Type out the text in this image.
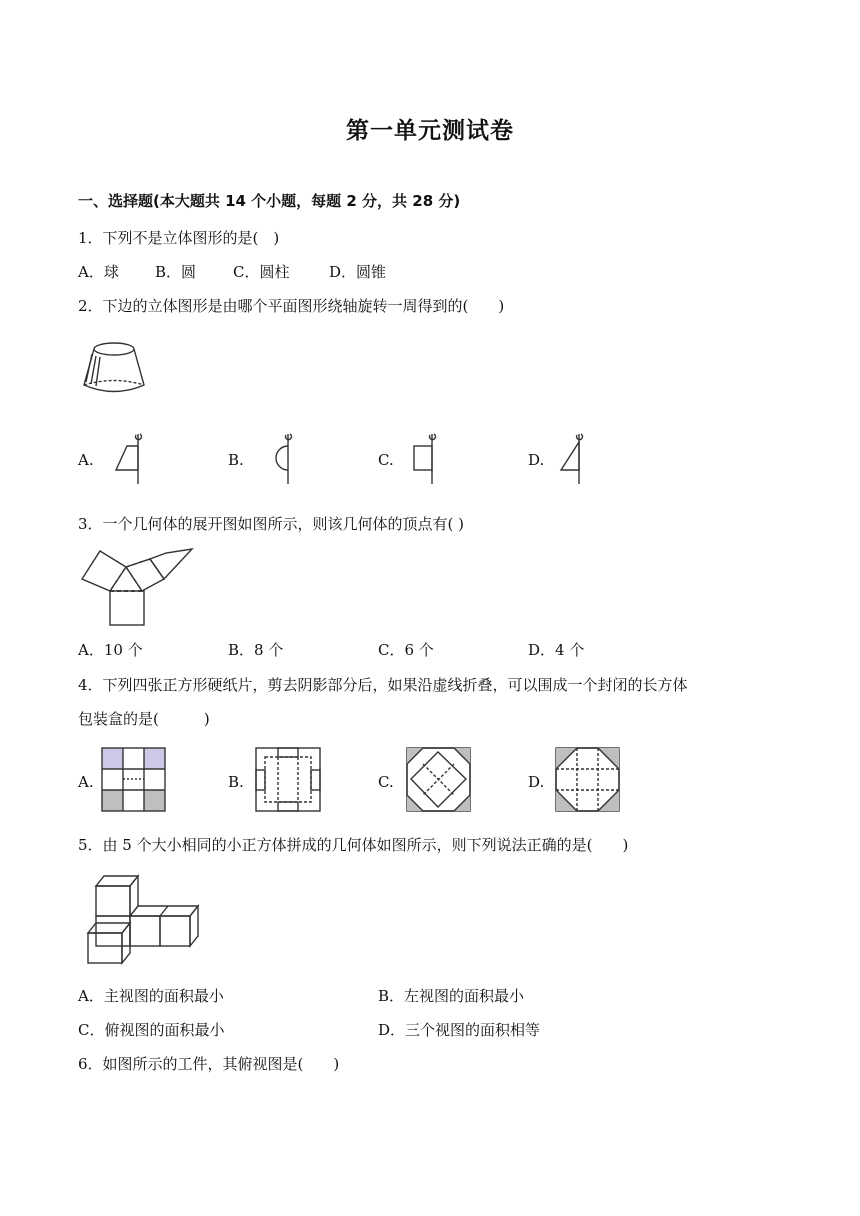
第一单元测试卷
一、选择题(本大题共 14 个小题，每题 2 分，共 28 分)
1．下列不是立体图形的是(　)
A．球 B．圆 C．圆柱	D．圆锥
2．下边的立体图形是由哪个平面图形绕轴旋转一周得到的(　　)
A.	B.	C.	D.
3．一个几何体的展开图如图所示，则该几何体的顶点有( )
A．10 个	B．8 个	C．6 个	D．4 个
4．下列四张正方形硬纸片，剪去阴影部分后，如果沿虚线折叠，可以围成一个封闭的长方体
包装盒的是(　　　)
A.	B.	C.	D.
5．由 5 个大小相同的小正方体拼成的几何体如图所示，则下列说法正确的是(　　)
A．主视图的面积最小	B．左视图的面积最小
C．俯视图的面积最小	D．三个视图的面积相等
6．如图所示的工件，其俯视图是(　　)
